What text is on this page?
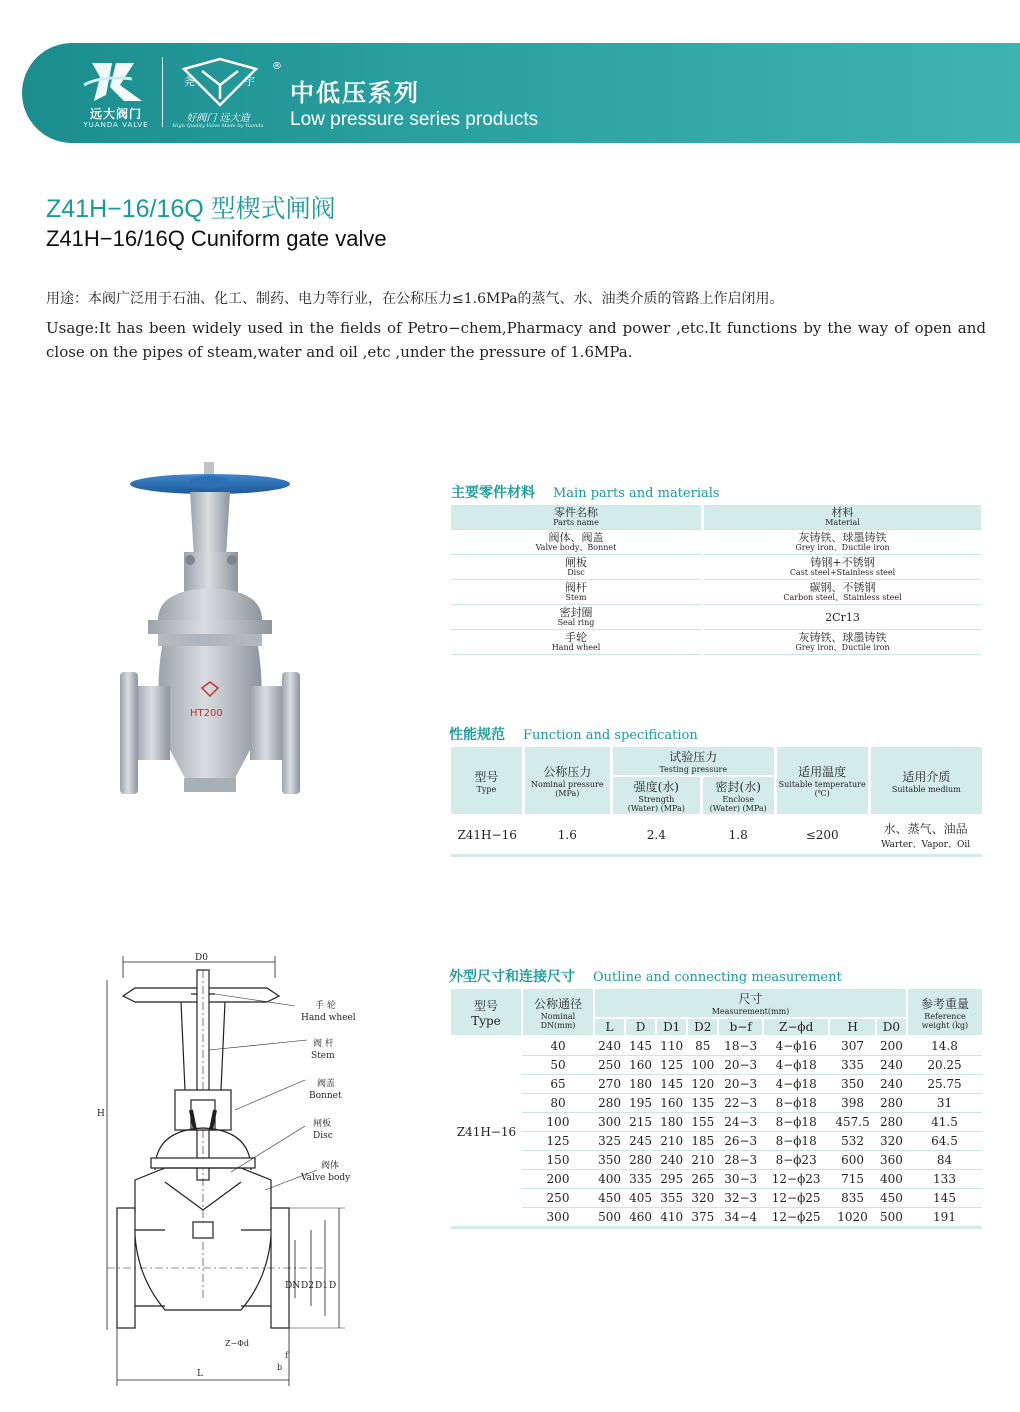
远大阀门
YUANDA VALVE
尧	宇
®
好阀门 远大造
High Quality Valve Made by Yuanda
中低压系列
Low pressure series products
Z41H−16/16Q 型楔式闸阀
Z41H−16/16Q Cuniform gate valve
用途：本阀广泛用于石油、化工、制药、电力等行业，在公称压力≤1.6MPa的蒸气、水、油类介质的管路上作启闭用。
Usage:It has been widely used in the fields of Petro−chem,Pharmacy and power ,etc.It functions by the way of open and close on the pipes of steam,water and oil ,etc ,under the pressure of 1.6MPa.
HT200
主要零件材料 Main parts and materials
零件名称
Parts name	材料
Material

阀体、阀盖
Valve body、Bonnet	灰铸铁、球墨铸铁
Grey iron、Ductile iron

闸板
Disc	铸钢+不锈钢
Cast steel+Stainless steel

阀杆
Stem	碳钢、不锈钢
Carbon steel、Stainless steel

密封圈
Seal ring	2Cr13
手轮
Hand wheel	灰铸铁、球墨铸铁
Grey iron、Ductile iron
性能规范 Function and specification
型号
Type	公称压力
Nominal pressure
(MPa)	试验压力
Testing pressure		适用温度
Suitable temperature
(℃)	适用介质
Suitable medium

		强度(水)
Strength
(Water) (MPa)	密封(水)
Enclose
(Water) (MPa)		

Z41H−16	1.6	2.4	1.8	≤200	水、蒸气、油品
Warter、Vapor、Oil
D0
H
L
DN D2 D1 D
Z−Φd
b
f
手 轮
Hand wheel
阀 杆
Stem
阀盖
Bonnet
闸板
Disc
阀体
Valve body
外型尺寸和连接尺寸 Outline and connecting measurement
型号
Type	公称通径
Nominal
DN(mm)	尺寸
Measurement(mm)								参考重量
Reference
weight (kg)

		L	D	D1	D2	b−f	Z−ϕd	H	D0	
Z41H−16	40	240	145	110	85	18−3	4−ϕ16	307	200	14.8
	50	250	160	125	100	20−3	4−ϕ18	335	240	20.25
	65	270	180	145	120	20−3	4−ϕ18	350	240	25.75
	80	280	195	160	135	22−3	8−ϕ18	398	280	31
	100	300	215	180	155	24−3	8−ϕ18	457.5	280	41.5
	125	325	245	210	185	26−3	8−ϕ18	532	320	64.5
	150	350	280	240	210	28−3	8−ϕ23	600	360	84
	200	400	335	295	265	30−3	12−ϕ23	715	400	133
	250	450	405	355	320	32−3	12−ϕ25	835	450	145
	300	500	460	410	375	34−4	12−ϕ25	1020	500	191
